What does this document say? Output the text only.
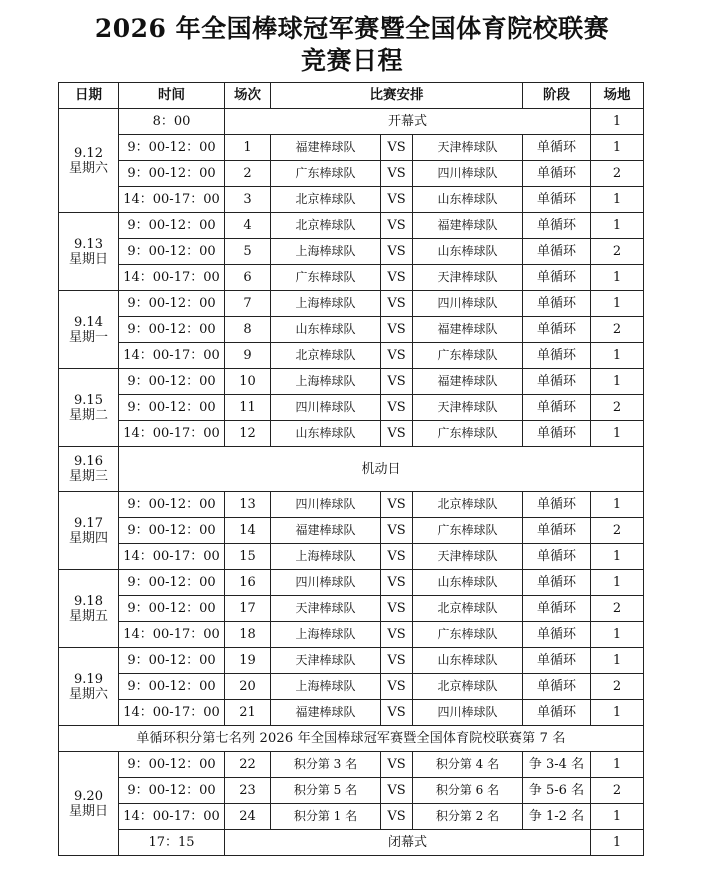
2026 年全国棒球冠军赛暨全国体育院校联赛
竞赛日程
日期	时间	场次	比赛安排			阶段	场地

9.12
星期六	8：00	开幕式					1
	9：00-12：00	1	福建棒球队	VS	天津棒球队	单循环	1
	9：00-12：00	2	广东棒球队	VS	四川棒球队	单循环	2
	14：00-17：00	3	北京棒球队	VS	山东棒球队	单循环	1

9.13
星期日	9：00-12：00	4	北京棒球队	VS	福建棒球队	单循环	1
	9：00-12：00	5	上海棒球队	VS	山东棒球队	单循环	2
	14：00-17：00	6	广东棒球队	VS	天津棒球队	单循环	1

9.14
星期一	9：00-12：00	7	上海棒球队	VS	四川棒球队	单循环	1
	9：00-12：00	8	山东棒球队	VS	福建棒球队	单循环	2
	14：00-17：00	9	北京棒球队	VS	广东棒球队	单循环	1

9.15
星期二	9：00-12：00	10	上海棒球队	VS	福建棒球队	单循环	1
	9：00-12：00	11	四川棒球队	VS	天津棒球队	单循环	2
	14：00-17：00	12	山东棒球队	VS	广东棒球队	单循环	1

9.16
星期三	机动日						

9.17
星期四	9：00-12：00	13	四川棒球队	VS	北京棒球队	单循环	1
	9：00-12：00	14	福建棒球队	VS	广东棒球队	单循环	2
	14：00-17：00	15	上海棒球队	VS	天津棒球队	单循环	1

9.18
星期五	9：00-12：00	16	四川棒球队	VS	山东棒球队	单循环	1
	9：00-12：00	17	天津棒球队	VS	北京棒球队	单循环	2
	14：00-17：00	18	上海棒球队	VS	广东棒球队	单循环	1

9.19
星期六	9：00-12：00	19	天津棒球队	VS	山东棒球队	单循环	1
	9：00-12：00	20	上海棒球队	VS	北京棒球队	单循环	2
	14：00-17：00	21	福建棒球队	VS	四川棒球队	单循环	1
单循环积分第七名列 2026 年全国棒球冠军赛暨全国体育院校联赛第 7 名							

9.20
星期日	9：00-12：00	22	积分第 3 名	VS	积分第 4 名	争 3-4 名	1
	9：00-12：00	23	积分第 5 名	VS	积分第 6 名	争 5-6 名	2
	14：00-17：00	24	积分第 1 名	VS	积分第 2 名	争 1-2 名	1
	17：15	闭幕式					1
